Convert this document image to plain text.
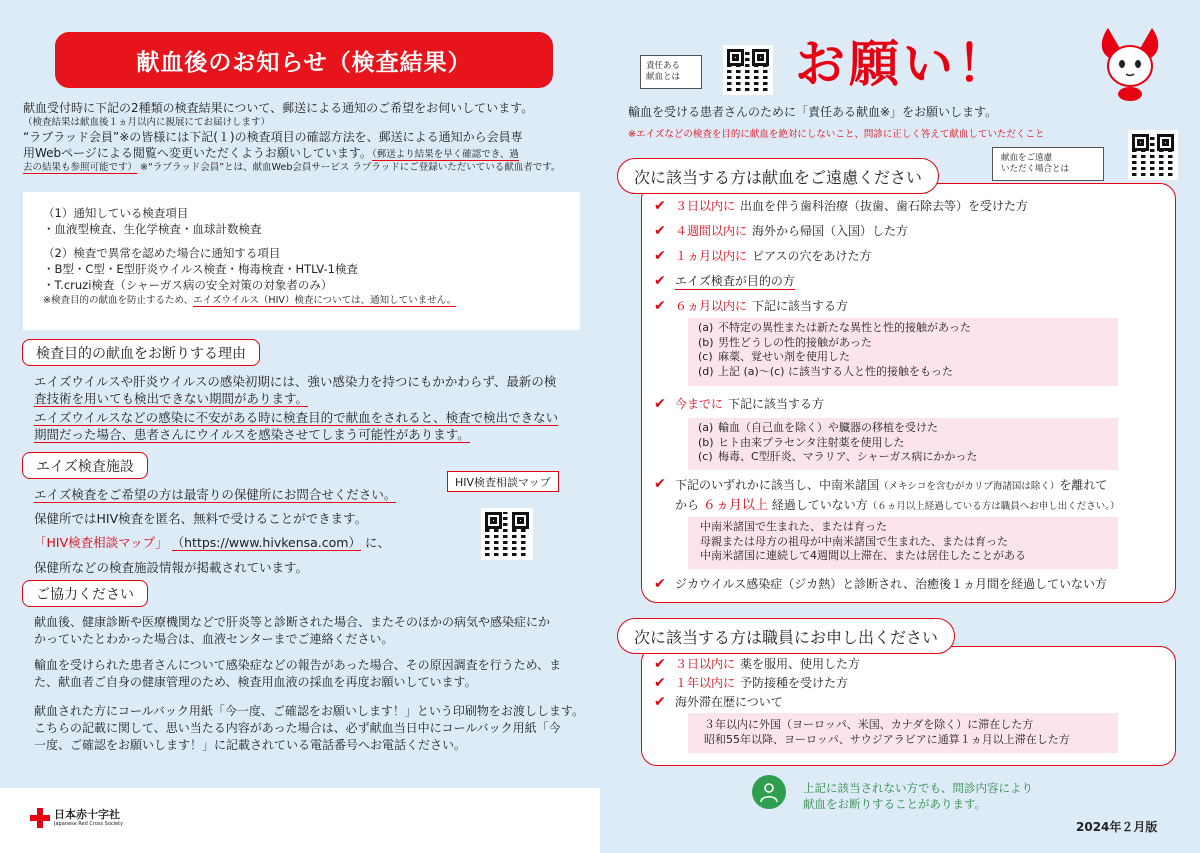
献血後のお知らせ（検査結果）
献血受付時に下記の2種類の検査結果について、郵送による通知のご希望をお伺いしています。
（検査結果は献血後１ヵ月以内に親展にてお届けします）
“ラブラッド会員”※の皆様には下記(１)の検査項目の確認方法を、郵送による通知から会員専
用Webページによる閲覧へ変更いただくようお願いしています。（郵送より結果を早く確認でき、過
去の結果も参照可能です） ※“ラブラッド会員”とは、献血Web会員サービス ラブラッドにご登録いただいている献血者です。
（1）通知している検査項目
・血液型検査、生化学検査・血球計数検査
（2）検査で異常を認めた場合に通知する項目
・B型・C型・E型肝炎ウイルス検査・梅毒検査・HTLV-1検査
・T.cruzi検査（シャーガス病の安全対策の対象者のみ）
※検査目的の献血を防止するため、エイズウイルス（HIV）検査については、通知していません。
検査目的の献血をお断りする理由
エイズウイルスや肝炎ウイルスの感染初期には、強い感染力を持つにもかかわらず、最新の検
査技術を用いても検出できない期間があります。
エイズウイルスなどの感染に不安がある時に検査目的で献血をされると、検査で検出できない
期間だった場合、患者さんにウイルスを感染させてしまう可能性があります。
エイズ検査施設
エイズ検査をご希望の方は最寄りの保健所にお問合せください。
保健所ではHIV検査を匿名、無料で受けることができます。
「HIV検査相談マップ」 （https://www.hivkensa.com） に、
保健所などの検査施設情報が掲載されています。
HIV検査相談マップ
ご協力ください
献血後、健康診断や医療機関などで肝炎等と診断された場合、またそのほかの病気や感染症にか
かっていたとわかった場合は、血液センターまでご連絡ください。
輸血を受けられた患者さんについて感染症などの報告があった場合、その原因調査を行うため、ま
た、献血者ご自身の健康管理のため、検査用血液の採血を再度お願いしています。
献血された方にコールバック用紙「今一度、ご確認をお願いします！」という印刷物をお渡しします。
こちらの記載に関して、思い当たる内容があった場合は、必ず献血当日中にコールバック用紙「今
一度、ご確認をお願いします！」に記載されている電話番号へお電話ください。
日本赤十字社
Japanese Red Cross Society
責任ある
献血とは	お願い！
輸血を受ける患者さんのために「責任ある献血※」をお願いします。
※エイズなどの検査を目的に献血を絶対にしないこと、問診に正しく答えて献血していただくこと
献血をご遠慮
いただく場合とは
次に該当する方は献血をご遠慮ください
✔ ３日以内に 出血を伴う歯科治療（抜歯、歯石除去等）を受けた方
✔ ４週間以内に 海外から帰国（入国）した方
✔ １ヵ月以内に ピアスの穴をあけた方
✔ エイズ検査が目的の方
✔ ６ヵ月以内に 下記に該当する方
(a) 不特定の異性または新たな異性と性的接触があった
(b) 男性どうしの性的接触があった
(c) 麻薬、覚せい剤を使用した
(d) 上記 (a)～(c) に該当する人と性的接触をもった
✔ 今までに 下記に該当する方
(a) 輸血（自己血を除く）や臓器の移植を受けた
(b) ヒト由来プラセンタ注射薬を使用した
(c) 梅毒、C型肝炎、マラリア、シャーガス病にかかった
✔ 下記のいずれかに該当し、中南米諸国（メキシコを含むがカリブ海諸国は除く）を離れて
から ６ヵ月以上 経過していない方（６ヵ月以上経過している方は職員へお申し出ください。）
中南米諸国で生まれた、または育った
母親または母方の祖母が中南米諸国で生まれた、または育った
中南米諸国に連続して4週間以上滞在、または居住したことがある
✔ ジカウイルス感染症（ジカ熱）と診断され、治癒後１ヵ月間を経過していない方
次に該当する方は職員にお申し出ください
✔ ３日以内に 薬を服用、使用した方
✔ １年以内に 予防接種を受けた方
✔ 海外滞在歴について
３年以内に外国（ヨーロッパ、米国、カナダを除く）に滞在した方
昭和55年以降、ヨーロッパ、サウジアラビアに通算１ヵ月以上滞在した方
上記に該当されない方でも、問診内容により
献血をお断りすることがあります。
2024年２月版
